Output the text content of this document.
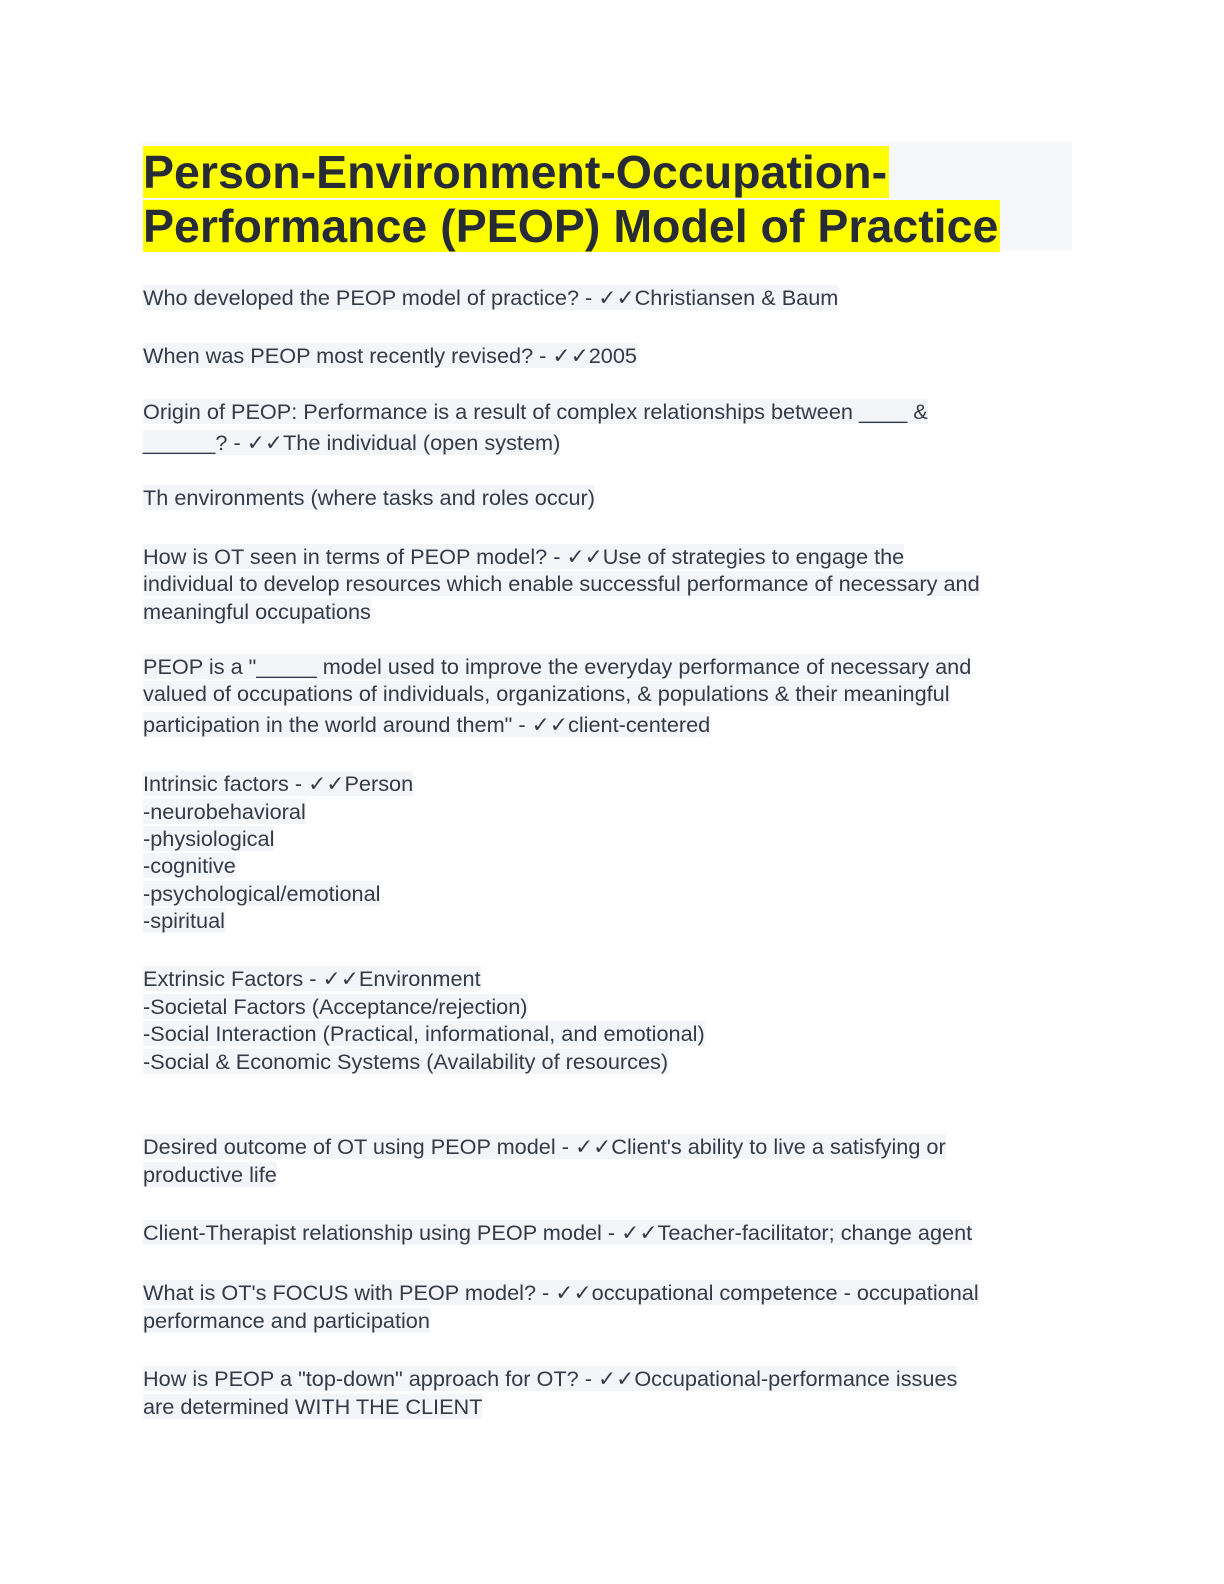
Person-Environment-Occupation-
Performance (PEOP) Model of Practice
Who developed the PEOP model of practice? - ✓✓Christiansen & Baum
When was PEOP most recently revised? - ✓✓2005
Origin of PEOP: Performance is a result of complex relationships between ____ &
______? - ✓✓The individual (open system)
Th environments (where tasks and roles occur)
How is OT seen in terms of PEOP model? - ✓✓Use of strategies to engage the
individual to develop resources which enable successful performance of necessary and
meaningful occupations
PEOP is a "_____ model used to improve the everyday performance of necessary and
valued of occupations of individuals, organizations, & populations & their meaningful
participation in the world around them" - ✓✓client-centered
Intrinsic factors - ✓✓Person
-neurobehavioral
-physiological
-cognitive
-psychological/emotional
-spiritual
Extrinsic Factors - ✓✓Environment
-Societal Factors (Acceptance/rejection)
-Social Interaction (Practical, informational, and emotional)
-Social & Economic Systems (Availability of resources)
Desired outcome of OT using PEOP model - ✓✓Client's ability to live a satisfying or
productive life
Client-Therapist relationship using PEOP model - ✓✓Teacher-facilitator; change agent
What is OT's FOCUS with PEOP model? - ✓✓occupational competence - occupational
performance and participation
How is PEOP a "top-down" approach for OT? - ✓✓Occupational-performance issues
are determined WITH THE CLIENT
